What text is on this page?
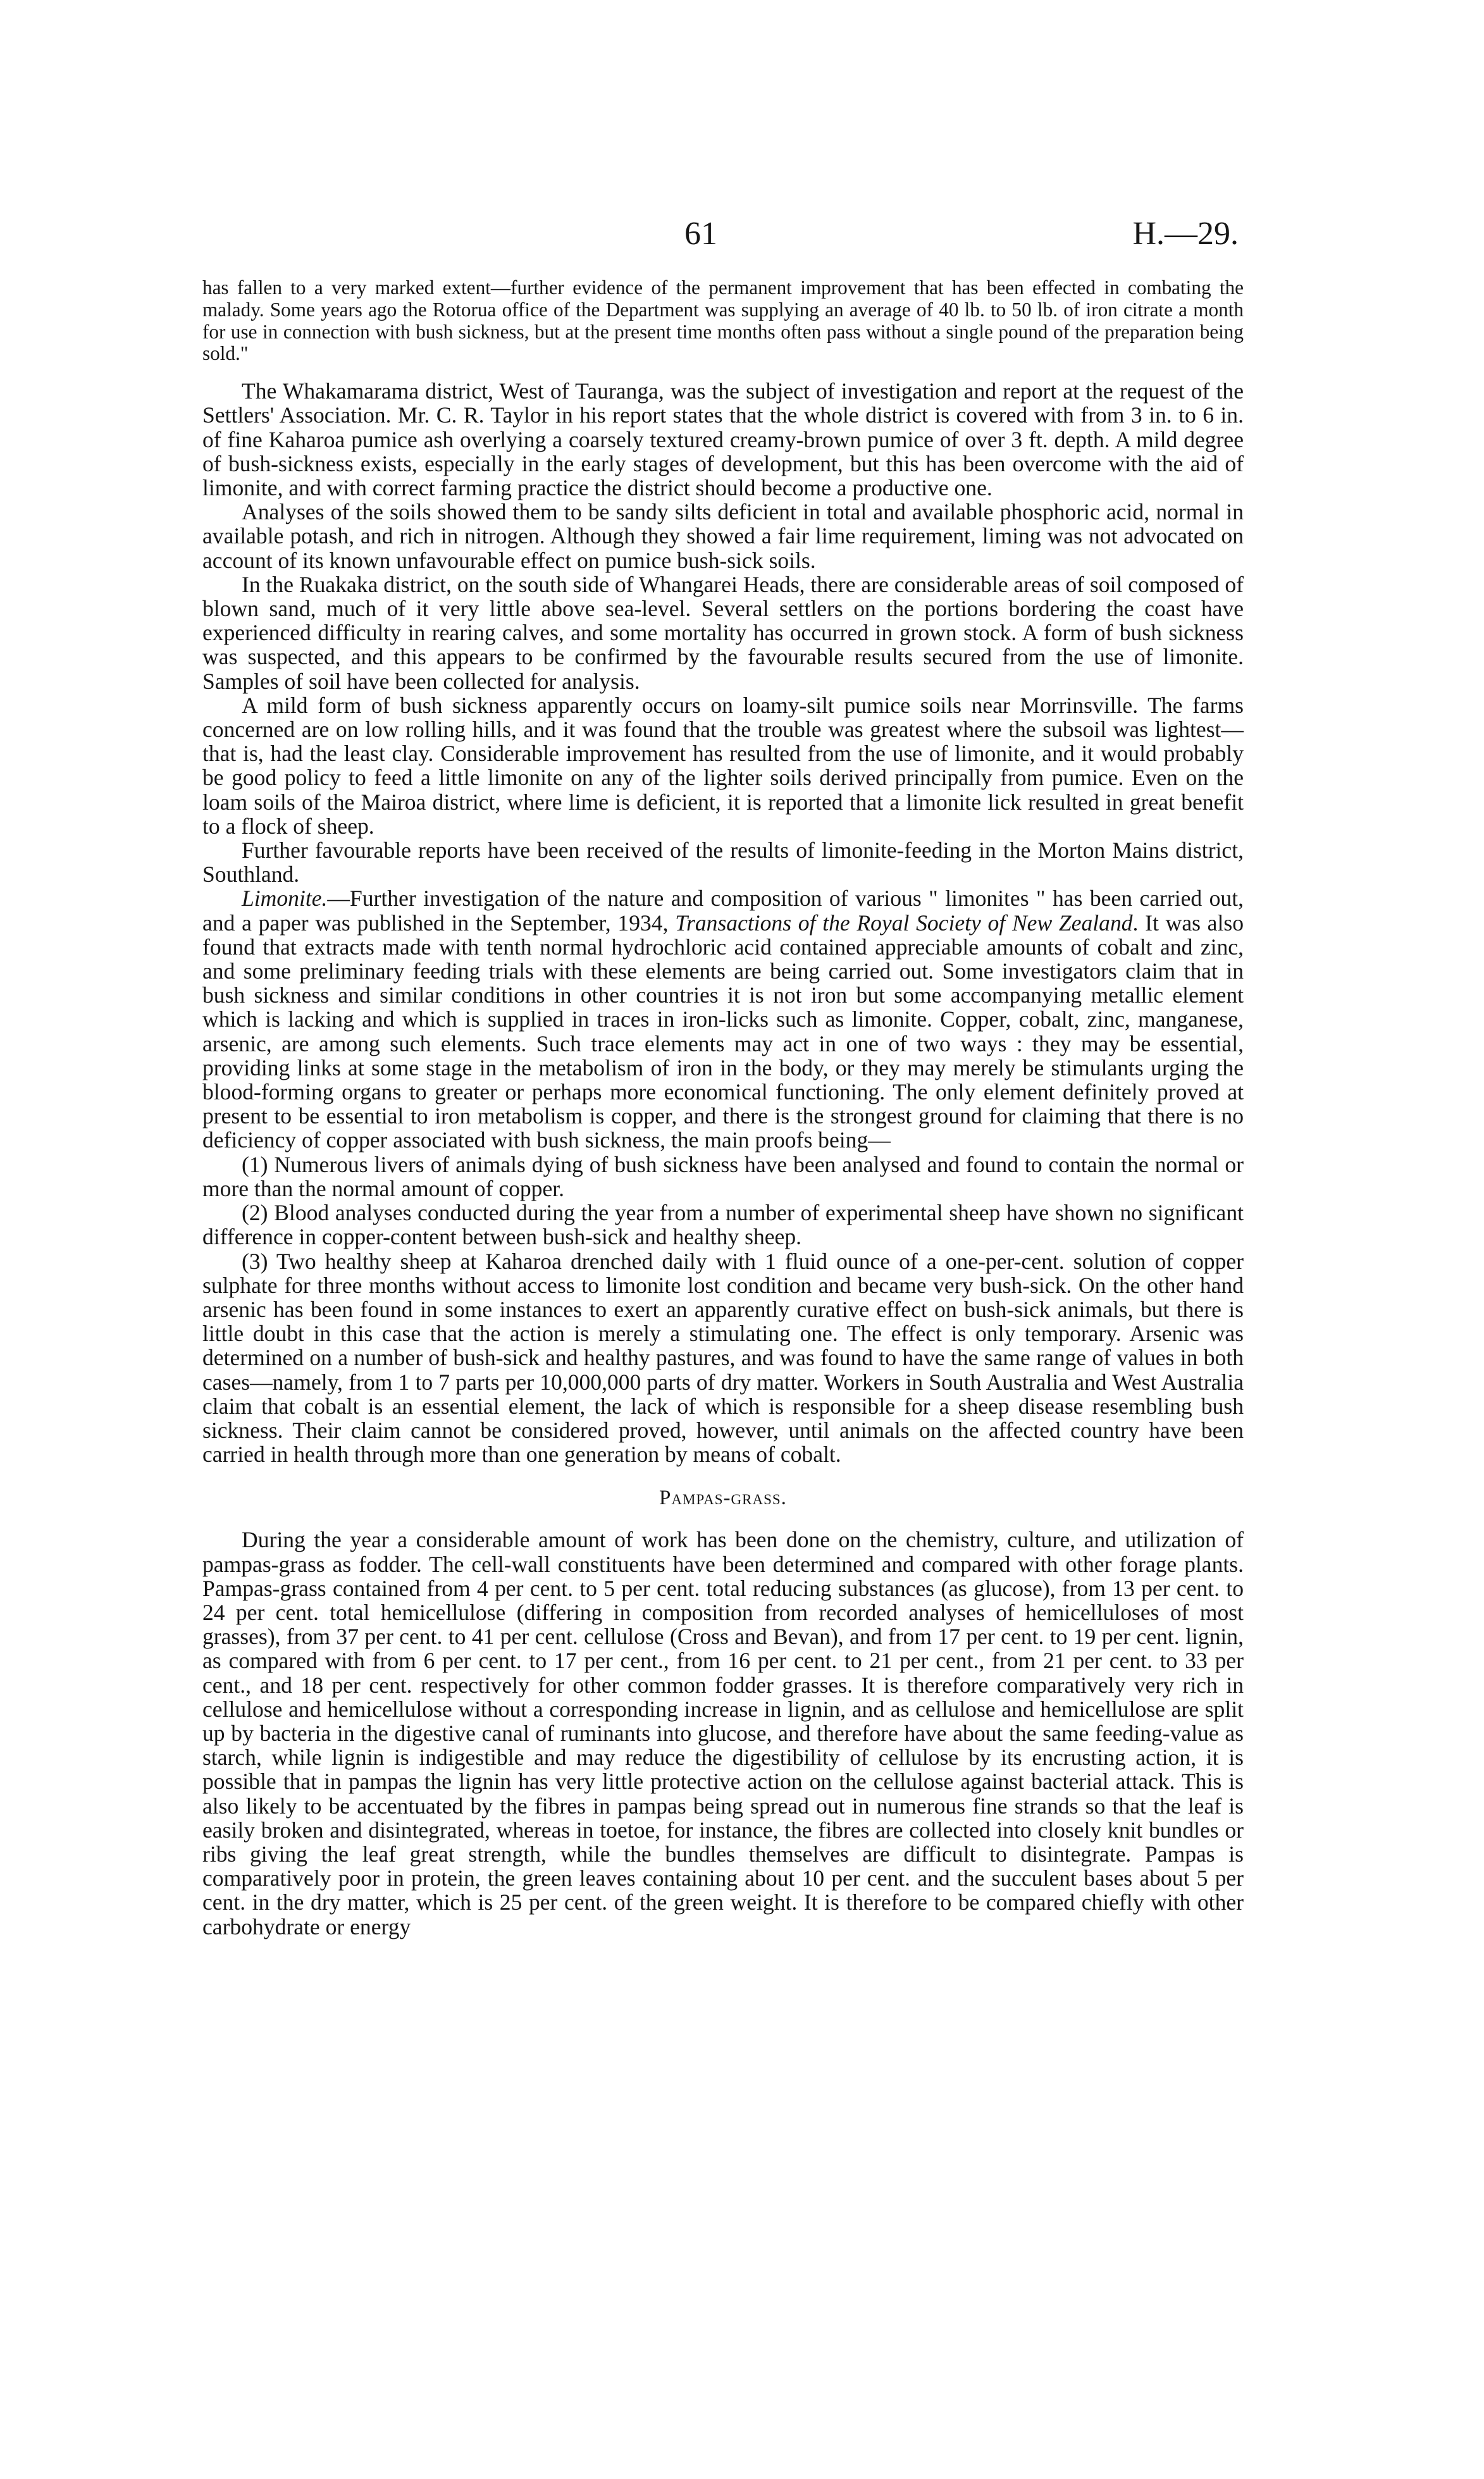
61	H.—29.

has fallen to a very marked extent—further evidence of the permanent improvement that has been effected in combating the malady. Some years ago the Rotorua office of the Department was supplying an average of 40 lb. to 50 lb. of iron citrate a month for use in connection with bush sickness, but at the present time months often pass without a single pound of the preparation being sold."

The Whakamarama district, West of Tauranga, was the subject of investigation and report at the request of the Settlers' Association. Mr. C. R. Taylor in his report states that the whole district is covered with from 3 in. to 6 in. of fine Kaharoa pumice ash overlying a coarsely textured creamy-brown pumice of over 3 ft. depth. A mild degree of bush-sickness exists, especially in the early stages of development, but this has been overcome with the aid of limonite, and with correct farming practice the district should become a productive one.

Analyses of the soils showed them to be sandy silts deficient in total and available phosphoric acid, normal in available potash, and rich in nitrogen. Although they showed a fair lime requirement, liming was not advocated on account of its known unfavourable effect on pumice bush-sick soils.

In the Ruakaka district, on the south side of Whangarei Heads, there are considerable areas of soil composed of blown sand, much of it very little above sea-level. Several settlers on the portions bordering the coast have experienced difficulty in rearing calves, and some mortality has occurred in grown stock. A form of bush sickness was suspected, and this appears to be confirmed by the favourable results secured from the use of limonite. Samples of soil have been collected for analysis.

A mild form of bush sickness apparently occurs on loamy-silt pumice soils near Morrinsville. The farms concerned are on low rolling hills, and it was found that the trouble was greatest where the subsoil was lightest—that is, had the least clay. Considerable improvement has resulted from the use of limonite, and it would probably be good policy to feed a little limonite on any of the lighter soils derived principally from pumice. Even on the loam soils of the Mairoa district, where lime is deficient, it is reported that a limonite lick resulted in great benefit to a flock of sheep.

Further favourable reports have been received of the results of limonite-feeding in the Morton Mains district, Southland.

Limonite.—Further investigation of the nature and composition of various " limonites " has been carried out, and a paper was published in the September, 1934, Transactions of the Royal Society of New Zealand. It was also found that extracts made with tenth normal hydrochloric acid contained appreciable amounts of cobalt and zinc, and some preliminary feeding trials with these elements are being carried out. Some investigators claim that in bush sickness and similar conditions in other countries it is not iron but some accompanying metallic element which is lacking and which is supplied in traces in iron-licks such as limonite. Copper, cobalt, zinc, manganese, arsenic, are among such elements. Such trace elements may act in one of two ways : they may be essential, providing links at some stage in the metabolism of iron in the body, or they may merely be stimulants urging the blood-forming organs to greater or perhaps more economical functioning. The only element definitely proved at present to be essential to iron metabolism is copper, and there is the strongest ground for claiming that there is no deficiency of copper associated with bush sickness, the main proofs being—

(1) Numerous livers of animals dying of bush sickness have been analysed and found to contain the normal or more than the normal amount of copper.

(2) Blood analyses conducted during the year from a number of experimental sheep have shown no significant difference in copper-content between bush-sick and healthy sheep.

(3) Two healthy sheep at Kaharoa drenched daily with 1 fluid ounce of a one-per-cent. solution of copper sulphate for three months without access to limonite lost condition and became very bush-sick. On the other hand arsenic has been found in some instances to exert an apparently curative effect on bush-sick animals, but there is little doubt in this case that the action is merely a stimulating one. The effect is only temporary. Arsenic was determined on a number of bush-sick and healthy pastures, and was found to have the same range of values in both cases—namely, from 1 to 7 parts per 10,000,000 parts of dry matter. Workers in South Australia and West Australia claim that cobalt is an essential element, the lack of which is responsible for a sheep disease resembling bush sickness. Their claim cannot be considered proved, however, until animals on the affected country have been carried in health through more than one generation by means of cobalt.

Pampas-grass.

During the year a considerable amount of work has been done on the chemistry, culture, and utilization of pampas-grass as fodder. The cell-wall constituents have been determined and compared with other forage plants. Pampas-grass contained from 4 per cent. to 5 per cent. total reducing substances (as glucose), from 13 per cent. to 24 per cent. total hemicellulose (differing in composition from recorded analyses of hemicelluloses of most grasses), from 37 per cent. to 41 per cent. cellulose (Cross and Bevan), and from 17 per cent. to 19 per cent. lignin, as compared with from 6 per cent. to 17 per cent., from 16 per cent. to 21 per cent., from 21 per cent. to 33 per cent., and 18 per cent. respectively for other common fodder grasses. It is therefore comparatively very rich in cellulose and hemicellulose without a corresponding increase in lignin, and as cellulose and hemicellulose are split up by bacteria in the digestive canal of ruminants into glucose, and therefore have about the same feeding-value as starch, while lignin is indigestible and may reduce the digestibility of cellulose by its encrusting action, it is possible that in pampas the lignin has very little protective action on the cellulose against bacterial attack. This is also likely to be accentuated by the fibres in pampas being spread out in numerous fine strands so that the leaf is easily broken and disintegrated, whereas in toetoe, for instance, the fibres are collected into closely knit bundles or ribs giving the leaf great strength, while the bundles themselves are difficult to disintegrate. Pampas is comparatively poor in protein, the green leaves containing about 10 per cent. and the succulent bases about 5 per cent. in the dry matter, which is 25 per cent. of the green weight. It is therefore to be compared chiefly with other carbohydrate or energy
